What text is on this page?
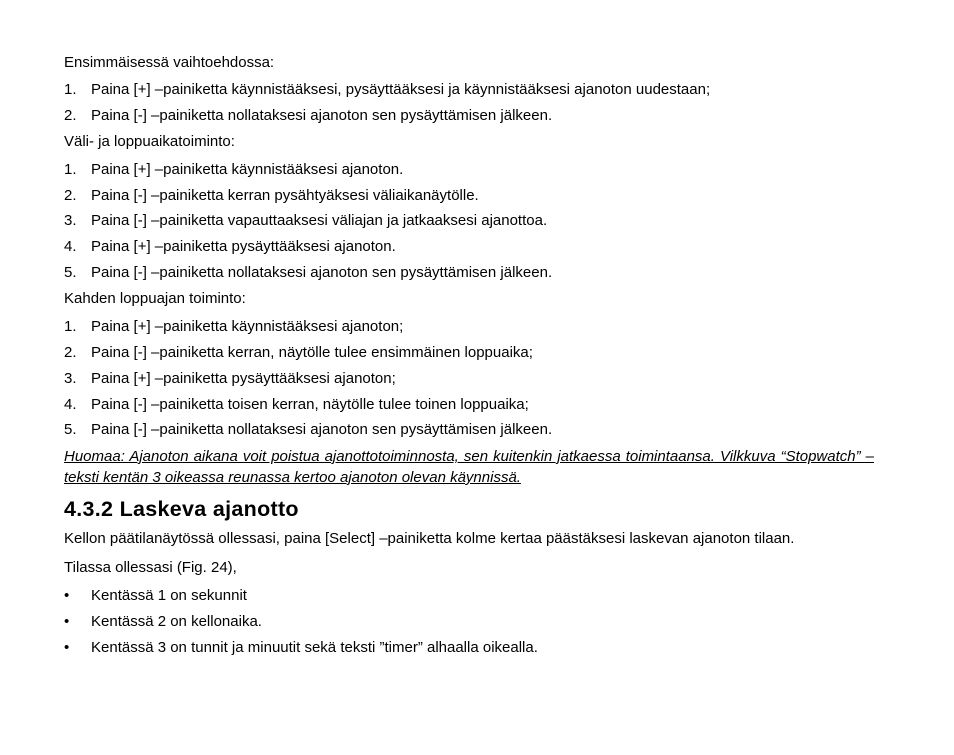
Ensimmäisessä vaihtoehdossa:
1. Paina [+] –painiketta käynnistääksesi, pysäyttääksesi ja käynnistääksesi ajanoton uudestaan;
2. Paina [-] –painiketta nollataksesi ajanoton sen pysäyttämisen jälkeen.
Väli- ja loppuaikatoiminto:
1. Paina [+] –painiketta käynnistääksesi ajanoton.
2. Paina [-] –painiketta kerran pysähtyäksesi väliaikanäytölle.
3. Paina [-] –painiketta vapauttaaksesi väliajan ja jatkaaksesi ajanottoa.
4. Paina [+] –painiketta pysäyttääksesi ajanoton.
5. Paina [-] –painiketta nollataksesi ajanoton sen pysäyttämisen jälkeen.
Kahden loppuajan toiminto:
1. Paina [+] –painiketta käynnistääksesi ajanoton;
2. Paina [-] –painiketta kerran, näytölle tulee ensimmäinen loppuaika;
3. Paina [+] –painiketta pysäyttääksesi ajanoton;
4. Paina [-] –painiketta toisen kerran, näytölle tulee toinen loppuaika;
5. Paina [-] –painiketta nollataksesi ajanoton sen pysäyttämisen jälkeen.
Huomaa: Ajanoton aikana voit poistua ajanottotoiminnosta, sen kuitenkin jatkaessa toimintaansa. Vilkkuva “Stopwatch” –teksti kentän 3 oikeassa reunassa kertoo ajanoton olevan käynnissä.
4.3.2 Laskeva ajanotto
Kellon päätilanäytössä ollessasi, paina [Select] –painiketta kolme kertaa päästäksesi laskevan ajanoton tilaan.
Tilassa ollessasi (Fig. 24),
• Kentässä 1 on sekunnit
• Kentässä 2 on kellonaika.
• Kentässä 3 on tunnit ja minuutit sekä teksti ”timer” alhaalla oikealla.
